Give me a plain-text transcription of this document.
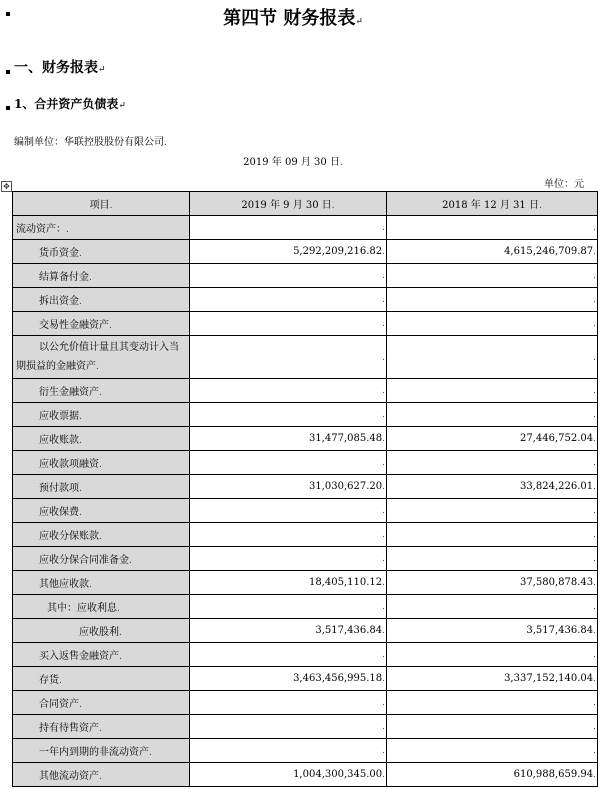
第四节 财务报表↵
一、财务报表↵
1、合并资产负债表↵
编制单位：华联控股股份有限公司.
2019 年 09 月 30 日.
单位：元
✥
项目.	2019 年 9 月 30 日.	2018 年 12 月 31 日.
流动资产：.	.	.
货币资金.	5,292,209,216.82.	4,615,246,709.87.
结算备付金.	.	.
拆出资金.	.	.
交易性金融资产.	.	.
以公允价值计量且其变动计入当期损益的金融资产.	.	.
衍生金融资产.	.	.
应收票据.	.	.
应收账款.	31,477,085.48.	27,446,752.04.
应收款项融资.	.	.
预付款项.	31,030,627.20.	33,824,226.01.
应收保费.	.	.
应收分保账款.	.	.
应收分保合同准备金.	.	.
其他应收款.	18,405,110.12.	37,580,878.43.
其中：应收利息.	.	.
应收股利.	3,517,436.84.	3,517,436.84.
买入返售金融资产.	.	.
存货.	3,463,456,995.18.	3,337,152,140.04.
合同资产.	.	.
持有待售资产.	.	.
一年内到期的非流动资产.	.	.
其他流动资产.	1,004,300,345.00.	610,988,659.94.
